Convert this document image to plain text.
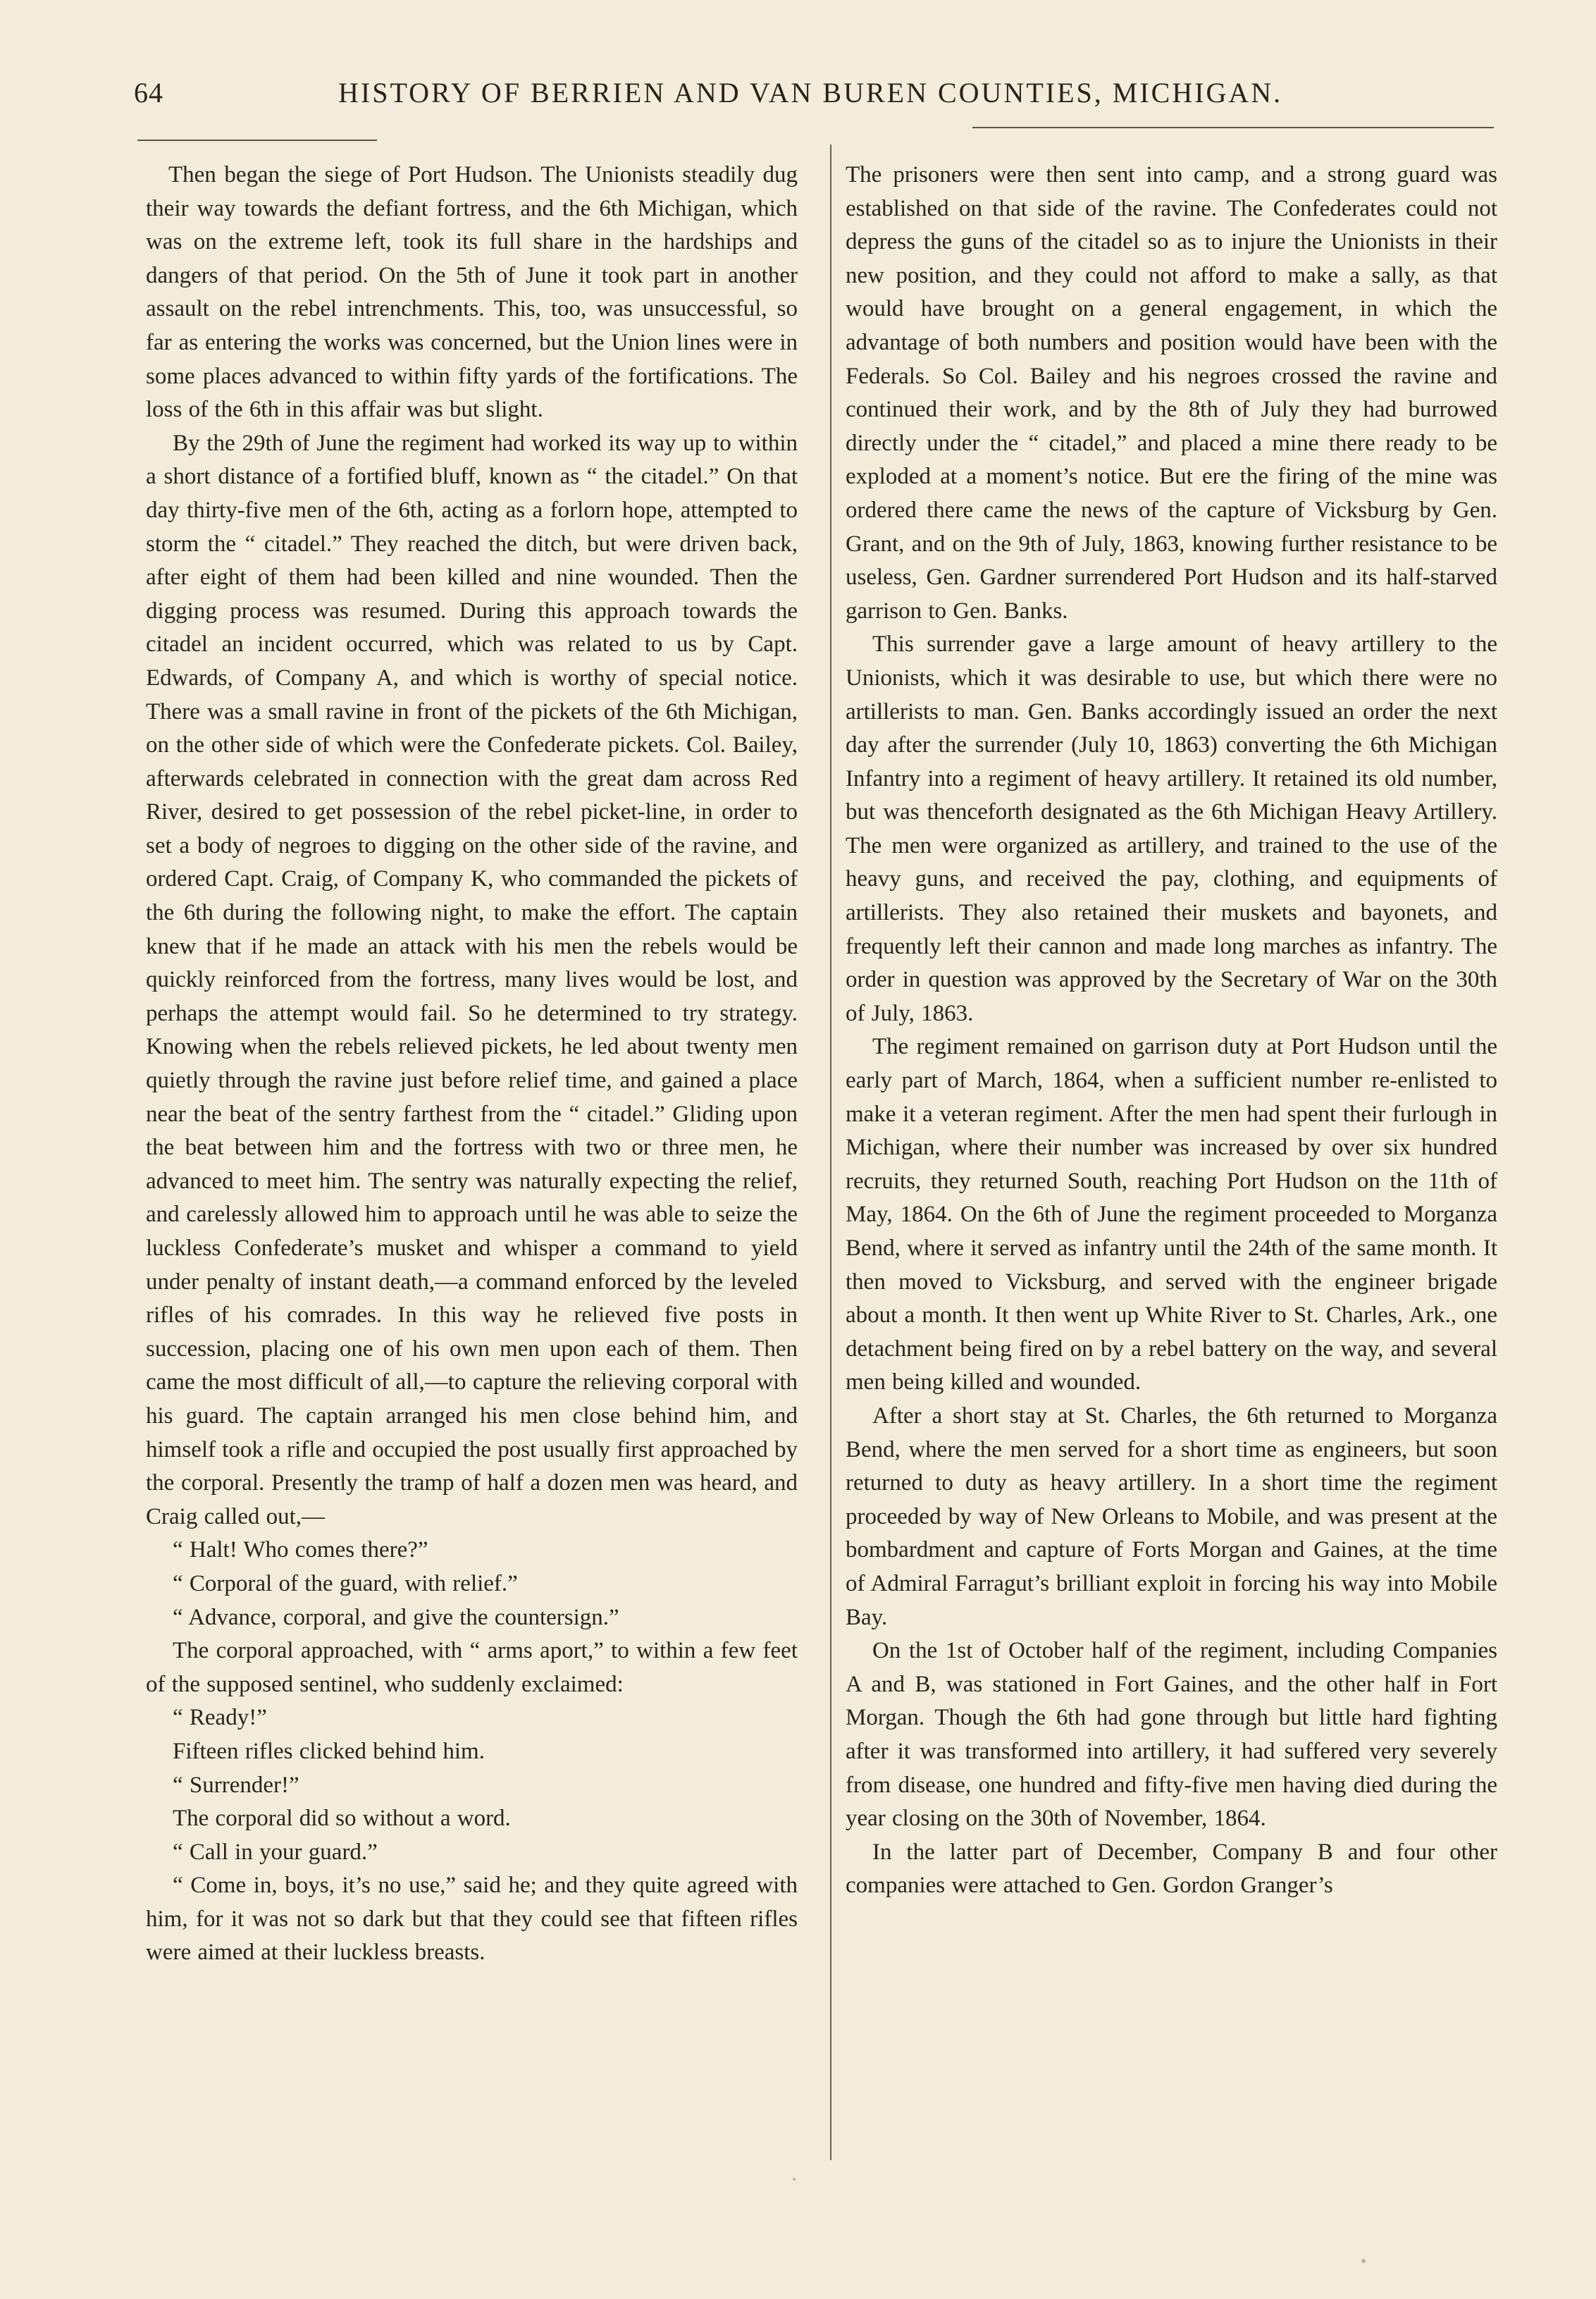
64	HISTORY OF BERRIEN AND VAN BUREN COUNTIES, MICHIGAN.

Then began the siege of Port Hudson. The Unionists steadily dug their way towards the defiant fortress, and the 6th Michigan, which was on the extreme left, took its full share in the hardships and dangers of that period. On the 5th of June it took part in another assault on the rebel intrenchments. This, too, was unsuccessful, so far as entering the works was concerned, but the Union lines were in some places advanced to within fifty yards of the fortifications. The loss of the 6th in this affair was but slight.

By the 29th of June the regiment had worked its way up to within a short distance of a fortified bluff, known as “ the citadel.” On that day thirty-five men of the 6th, acting as a forlorn hope, attempted to storm the “ citadel.” They reached the ditch, but were driven back, after eight of them had been killed and nine wounded. Then the digging process was resumed. During this approach towards the citadel an incident occurred, which was related to us by Capt. Edwards, of Company A, and which is worthy of special notice. There was a small ravine in front of the pickets of the 6th Michigan, on the other side of which were the Confederate pickets. Col. Bailey, afterwards celebrated in connection with the great dam across Red River, desired to get possession of the rebel picket-line, in order to set a body of negroes to digging on the other side of the ravine, and ordered Capt. Craig, of Company K, who commanded the pickets of the 6th during the following night, to make the effort. The captain knew that if he made an attack with his men the rebels would be quickly reinforced from the fortress, many lives would be lost, and perhaps the attempt would fail. So he determined to try strategy. Knowing when the rebels relieved pickets, he led about twenty men quietly through the ravine just before relief time, and gained a place near the beat of the sentry farthest from the “ citadel.” Gliding upon the beat between him and the fortress with two or three men, he advanced to meet him. The sentry was naturally expecting the relief, and carelessly allowed him to approach until he was able to seize the luckless Confederate’s musket and whisper a command to yield under penalty of instant death,—a command enforced by the leveled rifles of his comrades. In this way he relieved five posts in succession, placing one of his own men upon each of them. Then came the most difficult of all,—to capture the relieving corporal with his guard. The captain arranged his men close behind him, and himself took a rifle and occupied the post usually first approached by the corporal. Presently the tramp of half a dozen men was heard, and Craig called out,—

“ Halt! Who comes there?”

“ Corporal of the guard, with relief.”

“ Advance, corporal, and give the countersign.”

The corporal approached, with “ arms aport,” to within a few feet of the supposed sentinel, who suddenly exclaimed:

“ Ready!”

Fifteen rifles clicked behind him.

“ Surrender!”

The corporal did so without a word.

“ Call in your guard.”

“ Come in, boys, it’s no use,” said he; and they quite agreed with him, for it was not so dark but that they could see that fifteen rifles were aimed at their luckless breasts.

The prisoners were then sent into camp, and a strong guard was established on that side of the ravine. The Confederates could not depress the guns of the citadel so as to injure the Unionists in their new position, and they could not afford to make a sally, as that would have brought on a general engagement, in which the advantage of both numbers and position would have been with the Federals. So Col. Bailey and his negroes crossed the ravine and continued their work, and by the 8th of July they had burrowed directly under the “ citadel,” and placed a mine there ready to be exploded at a moment’s notice. But ere the firing of the mine was ordered there came the news of the capture of Vicksburg by Gen. Grant, and on the 9th of July, 1863, knowing further resistance to be useless, Gen. Gardner surrendered Port Hudson and its half-starved garrison to Gen. Banks.

This surrender gave a large amount of heavy artillery to the Unionists, which it was desirable to use, but which there were no artillerists to man. Gen. Banks accordingly issued an order the next day after the surrender (July 10, 1863) converting the 6th Michigan Infantry into a regiment of heavy artillery. It retained its old number, but was thenceforth designated as the 6th Michigan Heavy Artillery. The men were organized as artillery, and trained to the use of the heavy guns, and received the pay, clothing, and equipments of artillerists. They also retained their muskets and bayonets, and frequently left their cannon and made long marches as infantry. The order in question was approved by the Secretary of War on the 30th of July, 1863.

The regiment remained on garrison duty at Port Hudson until the early part of March, 1864, when a sufficient number re-enlisted to make it a veteran regiment. After the men had spent their furlough in Michigan, where their number was increased by over six hundred recruits, they returned South, reaching Port Hudson on the 11th of May, 1864. On the 6th of June the regiment proceeded to Morganza Bend, where it served as infantry until the 24th of the same month. It then moved to Vicksburg, and served with the engineer brigade about a month. It then went up White River to St. Charles, Ark., one detachment being fired on by a rebel battery on the way, and several men being killed and wounded.

After a short stay at St. Charles, the 6th returned to Morganza Bend, where the men served for a short time as engineers, but soon returned to duty as heavy artillery. In a short time the regiment proceeded by way of New Orleans to Mobile, and was present at the bombardment and capture of Forts Morgan and Gaines, at the time of Admiral Farragut’s brilliant exploit in forcing his way into Mobile Bay.

On the 1st of October half of the regiment, including Companies A and B, was stationed in Fort Gaines, and the other half in Fort Morgan. Though the 6th had gone through but little hard fighting after it was transformed into artillery, it had suffered very severely from disease, one hundred and fifty-five men having died during the year closing on the 30th of November, 1864.

In the latter part of December, Company B and four other companies were attached to Gen. Gordon Granger’s
